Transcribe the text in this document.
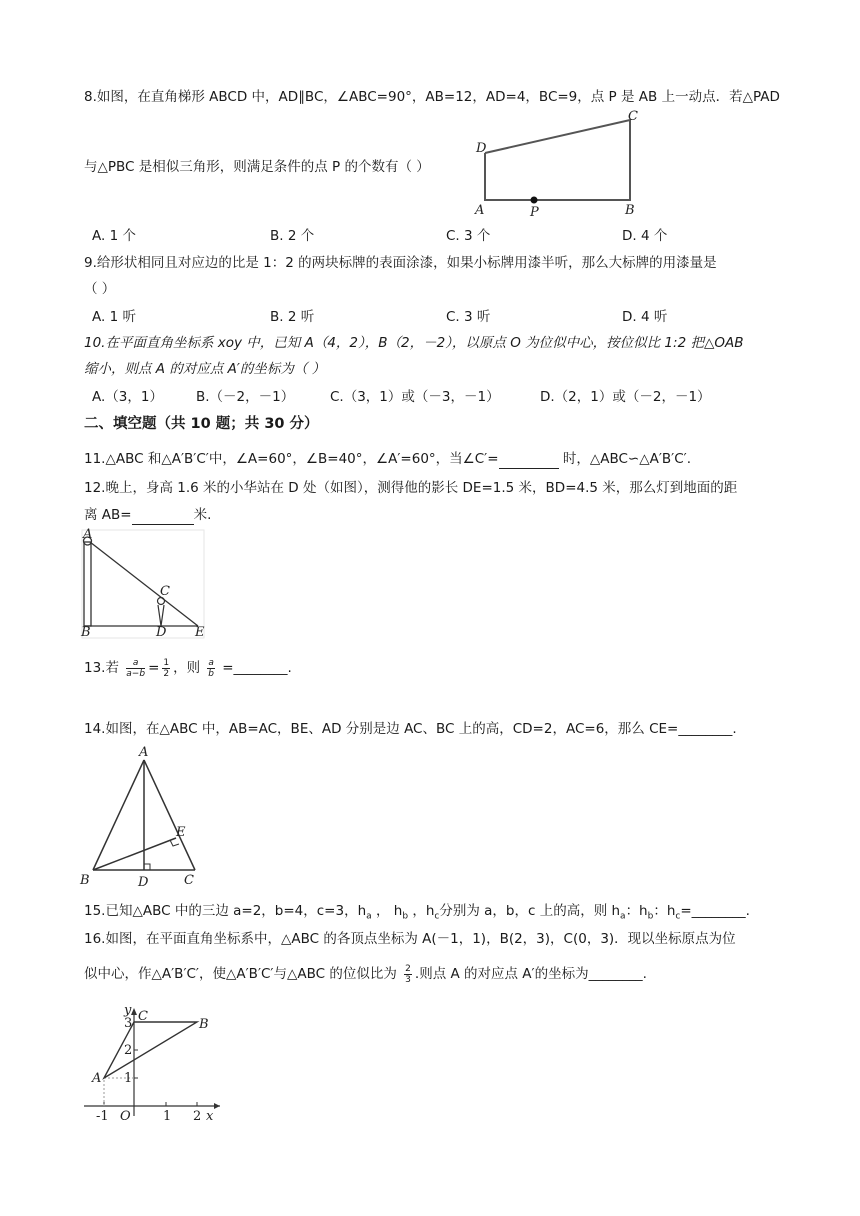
8.如图，在直角梯形 ABCD 中，AD∥BC，∠ABC=90°，AB=12，AD=4，BC=9，点 P 是 AB 上一动点．若△PAD
与△PBC 是相似三角形，则满足条件的点 P 的个数有（ ）
D
C
A	P	B
A. 1 个	B. 2 个	C. 3 个	D. 4 个
9.给形状相同且对应边的比是 1：2 的两块标牌的表面涂漆，如果小标牌用漆半听，那么大标牌的用漆量是
（ ）
A. 1 听	B. 2 听	C. 3 听	D. 4 听
10.在平面直角坐标系 xoy 中，已知 A（4，2），B（2，－2），以原点 O 为位似中心，按位似比 1:2 把△OAB
缩小，则点 A 的对应点 A′的坐标为（ ）
A.（3，1） B.（－2，－1）	C.（3，1）或（－3，－1）	D.（2，1）或（－2，－1）
二、填空题（共 10 题；共 30 分）
11.△ABC 和△A′B′C′中，∠A=60°，∠B=40°，∠A′=60°，当∠C′=	时，△ABC∽△A′B′C′.
12.晚上，身高 1.6 米的小华站在 D 处（如图），测得他的影长 DE=1.5 米，BD=4.5 米，那么灯到地面的距
离 AB=	米.
A
B
C
D E
13.若 $\frac{a}{a-b} = \frac{1}{2}$ ，则 $\frac{a}{b}$ =________.
14.如图，在△ABC 中，AB=AC，BE、AD 分别是边 AC、BC 上的高，CD=2，AC=6，那么 CE=________.
A
B	C
D
E
15.已知△ABC 中的三边 a=2，b=4，c=3，$h_a$ ， $h_b$ ，$h_c$分别为 a，b，c 上的高，则 $h_a$：$h_b$：$h_c=\_\_\_\_\_\_\_\_$.
16.如图，在平面直角坐标系中，△ABC 的各顶点坐标为 A(－1，1)，B(2，3)，C(0，3)．现以坐标原点为位
似中心，作△A′B′C′，使△A′B′C′与△ABC 的位似比为 $\frac{2}{3}$ .则点 A 的对应点 A′的坐标为________.
y
x
O
A
B
C
-1	1 2
1
2
3
